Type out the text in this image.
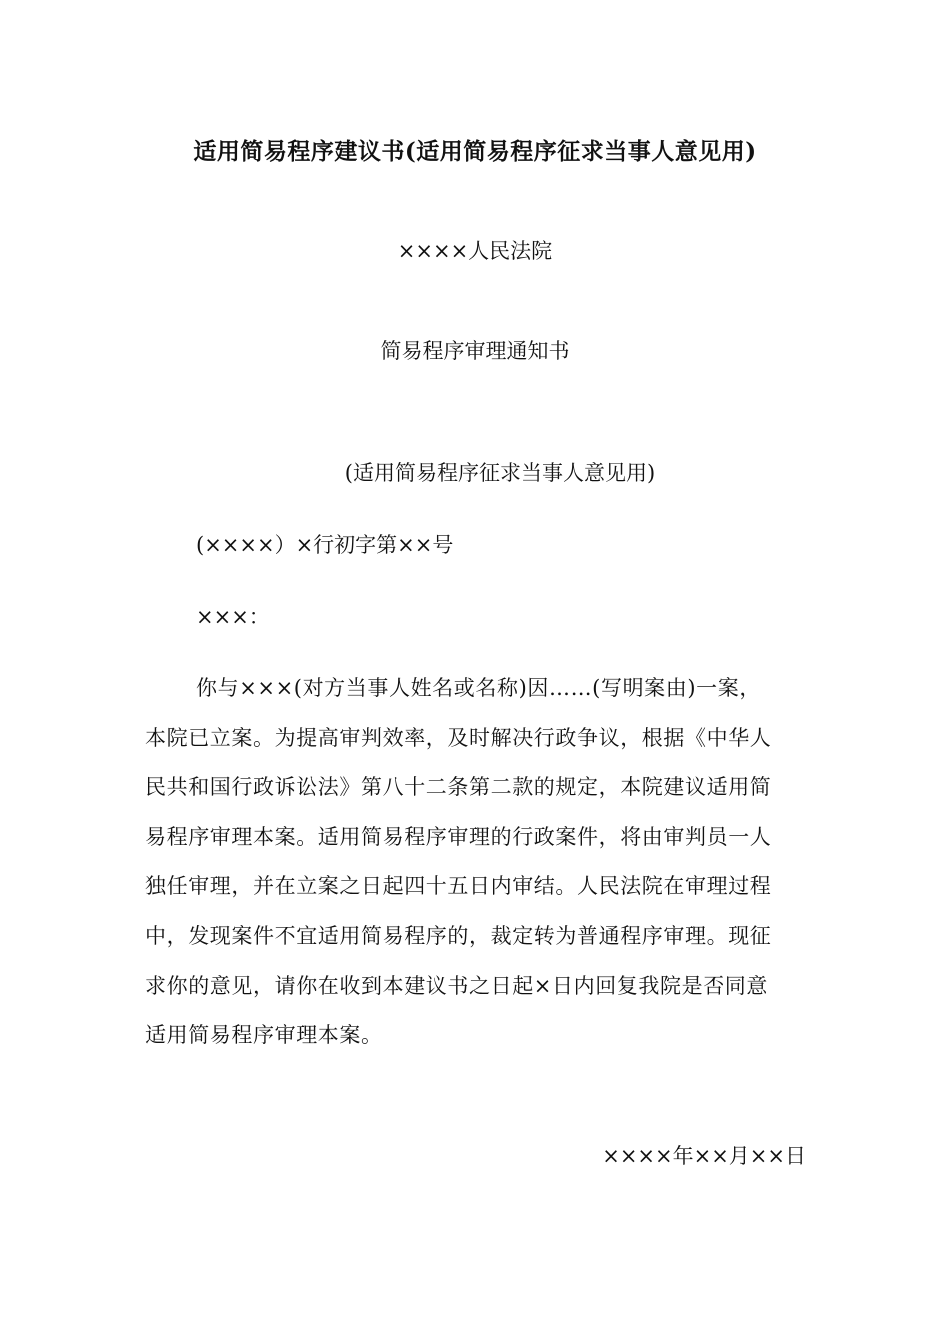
适用简易程序建议书(适用简易程序征求当事人意见用)
××××人民法院
简易程序审理通知书
(适用简易程序征求当事人意见用)
(××××）×行初字第××号
×××：
你与×××(对方当事人姓名或名称)因……(写明案由)一案，
本院已立案。为提高审判效率，及时解决行政争议，根据《中华人
民共和国行政诉讼法》第八十二条第二款的规定，本院建议适用简
易程序审理本案。适用简易程序审理的行政案件，将由审判员一人
独任审理，并在立案之日起四十五日内审结。人民法院在审理过程
中，发现案件不宜适用简易程序的，裁定转为普通程序审理。现征
求你的意见，请你在收到本建议书之日起×日内回复我院是否同意
适用简易程序审理本案。
××××年××月××日
